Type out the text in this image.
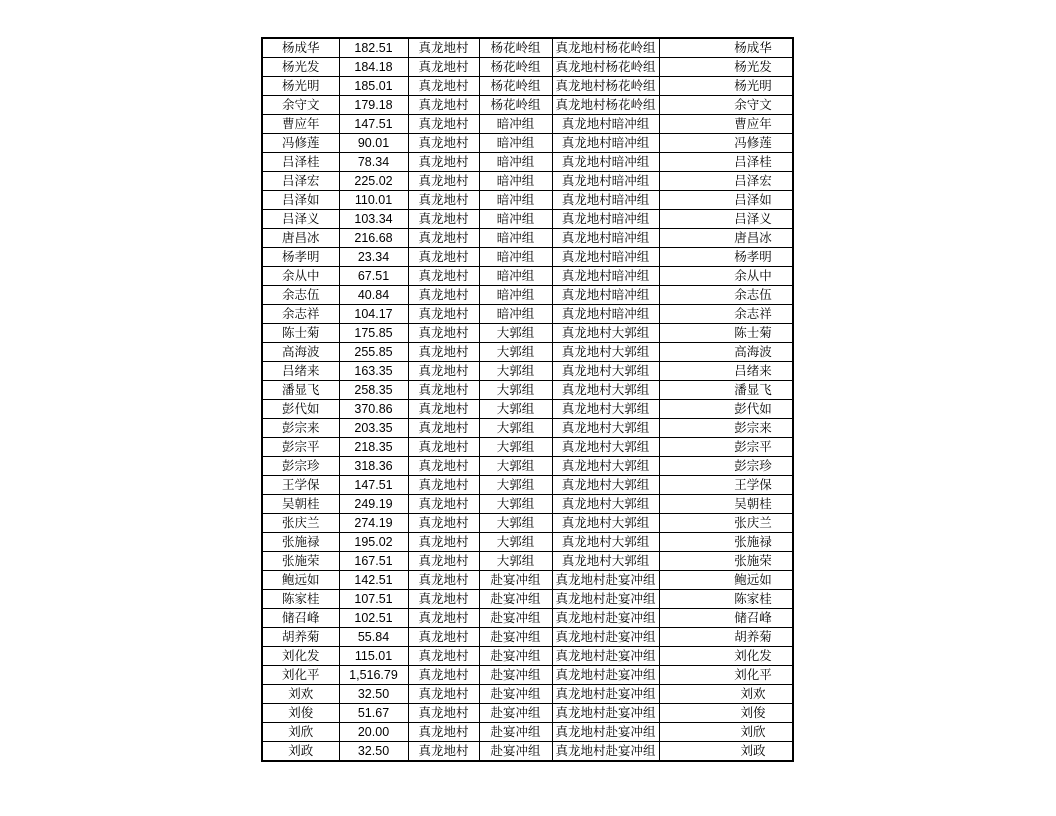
杨成华	182.51	真龙地村	杨花岭组	真龙地村杨花岭组		杨成华
杨光发	184.18	真龙地村	杨花岭组	真龙地村杨花岭组		杨光发
杨光明	185.01	真龙地村	杨花岭组	真龙地村杨花岭组		杨光明
余守文	179.18	真龙地村	杨花岭组	真龙地村杨花岭组		余守文
曹应年	147.51	真龙地村	暗冲组	真龙地村暗冲组		曹应年
冯修莲	90.01	真龙地村	暗冲组	真龙地村暗冲组		冯修莲
吕泽桂	78.34	真龙地村	暗冲组	真龙地村暗冲组		吕泽桂
吕泽宏	225.02	真龙地村	暗冲组	真龙地村暗冲组		吕泽宏
吕泽如	110.01	真龙地村	暗冲组	真龙地村暗冲组		吕泽如
吕泽义	103.34	真龙地村	暗冲组	真龙地村暗冲组		吕泽义
唐昌冰	216.68	真龙地村	暗冲组	真龙地村暗冲组		唐昌冰
杨孝明	23.34	真龙地村	暗冲组	真龙地村暗冲组		杨孝明
余从中	67.51	真龙地村	暗冲组	真龙地村暗冲组		余从中
余志伍	40.84	真龙地村	暗冲组	真龙地村暗冲组		余志伍
余志祥	104.17	真龙地村	暗冲组	真龙地村暗冲组		余志祥
陈士菊	175.85	真龙地村	大郭组	真龙地村大郭组		陈士菊
高海波	255.85	真龙地村	大郭组	真龙地村大郭组		高海波
吕绪来	163.35	真龙地村	大郭组	真龙地村大郭组		吕绪来
潘显飞	258.35	真龙地村	大郭组	真龙地村大郭组		潘显飞
彭代如	370.86	真龙地村	大郭组	真龙地村大郭组		彭代如
彭宗来	203.35	真龙地村	大郭组	真龙地村大郭组		彭宗来
彭宗平	218.35	真龙地村	大郭组	真龙地村大郭组		彭宗平
彭宗珍	318.36	真龙地村	大郭组	真龙地村大郭组		彭宗珍
王学保	147.51	真龙地村	大郭组	真龙地村大郭组		王学保
吴朝桂	249.19	真龙地村	大郭组	真龙地村大郭组		吴朝桂
张庆兰	274.19	真龙地村	大郭组	真龙地村大郭组		张庆兰
张施禄	195.02	真龙地村	大郭组	真龙地村大郭组		张施禄
张施荣	167.51	真龙地村	大郭组	真龙地村大郭组		张施荣
鲍远如	142.51	真龙地村	赴宴冲组	真龙地村赴宴冲组		鲍远如
陈家桂	107.51	真龙地村	赴宴冲组	真龙地村赴宴冲组		陈家桂
储召峰	102.51	真龙地村	赴宴冲组	真龙地村赴宴冲组		储召峰
胡养菊	55.84	真龙地村	赴宴冲组	真龙地村赴宴冲组		胡养菊
刘化发	115.01	真龙地村	赴宴冲组	真龙地村赴宴冲组		刘化发
刘化平	1,516.79	真龙地村	赴宴冲组	真龙地村赴宴冲组		刘化平
刘欢	32.50	真龙地村	赴宴冲组	真龙地村赴宴冲组		刘欢
刘俊	51.67	真龙地村	赴宴冲组	真龙地村赴宴冲组		刘俊
刘欣	20.00	真龙地村	赴宴冲组	真龙地村赴宴冲组		刘欣
刘政	32.50	真龙地村	赴宴冲组	真龙地村赴宴冲组		刘政
